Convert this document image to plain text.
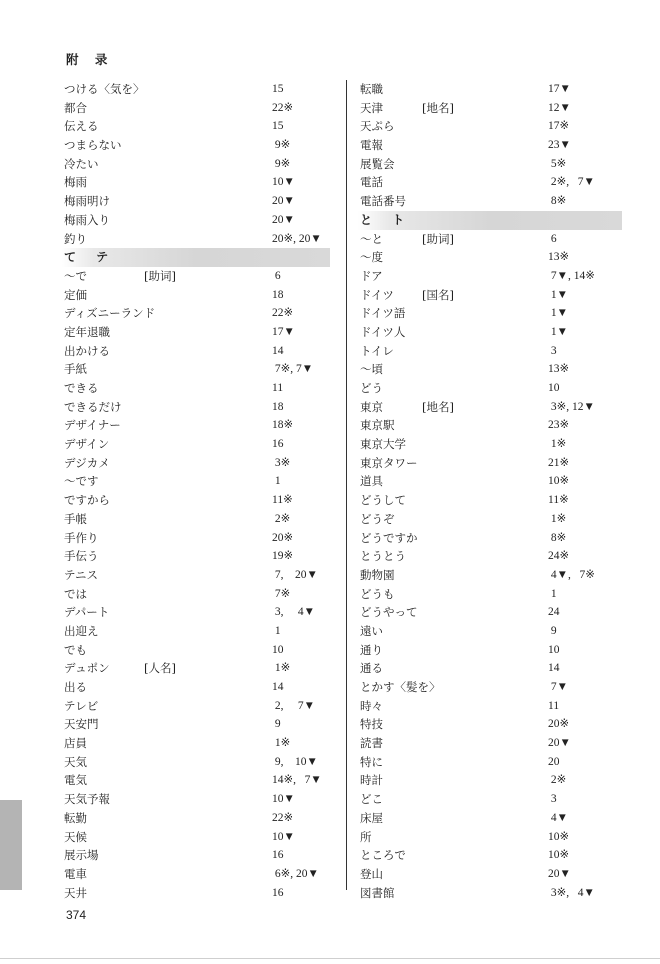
附 录
つける〈気を〉	15
都合	22※
伝える	15
つまらない	9※
冷たい	9※
梅雨	10▼
梅雨明け	20▼
梅雨入り	20▼
釣り	20※, 20▼
て テ
～で	[助词]	6
定価	18
ディズニーランド	22※
定年退職	17▼
出かける	14
手紙	7※, 7▼
できる	11
できるだけ	18
デザイナー	18※
デザイン	16
デジカメ	3※
～です	1
ですから	11※
手帳	2※
手作り	20※
手伝う	19※
テニス	7,    20▼
では	7※
デパート	3,     4▼
出迎え	1
でも	10
デュポン	[人名]	1※
出る	14
テレビ	2,     7▼
天安門	9
店員	1※
天気	9,    10▼
電気	14※,   7▼
天気予報	10▼
転勤	22※
天候	10▼
展示場	16
電車	6※, 20▼
天井	16
転職	17▼
天津	[地名]	12▼
天ぷら	17※
電報	23▼
展覧会	5※
電話	2※,   7▼
電話番号	8※
と ト
～と	[助词]	6
～度	13※
ドア	7▼, 14※
ドイツ [国名]	1▼
ドイツ語	1▼
ドイツ人	1▼
トイレ	3
～頃	13※
どう	10
東京	[地名]	3※, 12▼
東京駅	23※
東京大学	1※
東京タワー	21※
道具	10※
どうして	11※
どうぞ	1※
どうですか	8※
とうとう	24※
動物園	4▼,   7※
どうも	1
どうやって	24
遠い	9
通り	10
通る	14
とかす〈髪を〉	7▼
時々	11
特技	20※
読書	20▼
特に	20
時計	2※
どこ	3
床屋	4▼
所	10※
ところで	10※
登山	20▼
図書館	3※,   4▼
374
